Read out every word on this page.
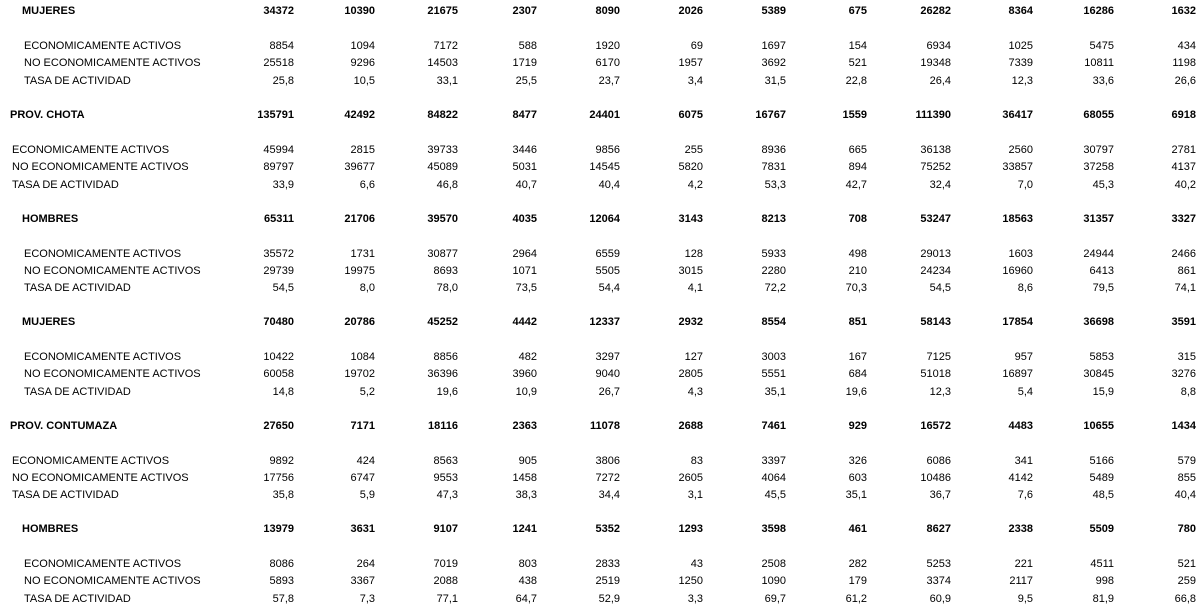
MUJERES	34372	10390	21675	2307	8090	2026	5389	675	26282	8364	16286	1632
ECONOMICAMENTE ACTIVOS	8854	1094	7172	588	1920	69	1697	154	6934	1025	5475	434
NO ECONOMICAMENTE ACTIVOS	25518	9296	14503	1719	6170	1957	3692	521	19348	7339	10811	1198
TASA DE ACTIVIDAD	25,8	10,5	33,1	25,5	23,7	3,4	31,5	22,8	26,4	12,3	33,6	26,6
PROV. CHOTA	135791	42492	84822	8477	24401	6075	16767	1559	111390	36417	68055	6918
ECONOMICAMENTE ACTIVOS	45994	2815	39733	3446	9856	255	8936	665	36138	2560	30797	2781
NO ECONOMICAMENTE ACTIVOS	89797	39677	45089	5031	14545	5820	7831	894	75252	33857	37258	4137
TASA DE ACTIVIDAD	33,9	6,6	46,8	40,7	40,4	4,2	53,3	42,7	32,4	7,0	45,3	40,2
HOMBRES	65311	21706	39570	4035	12064	3143	8213	708	53247	18563	31357	3327
ECONOMICAMENTE ACTIVOS	35572	1731	30877	2964	6559	128	5933	498	29013	1603	24944	2466
NO ECONOMICAMENTE ACTIVOS	29739	19975	8693	1071	5505	3015	2280	210	24234	16960	6413	861
TASA DE ACTIVIDAD	54,5	8,0	78,0	73,5	54,4	4,1	72,2	70,3	54,5	8,6	79,5	74,1
MUJERES	70480	20786	45252	4442	12337	2932	8554	851	58143	17854	36698	3591
ECONOMICAMENTE ACTIVOS	10422	1084	8856	482	3297	127	3003	167	7125	957	5853	315
NO ECONOMICAMENTE ACTIVOS	60058	19702	36396	3960	9040	2805	5551	684	51018	16897	30845	3276
TASA DE ACTIVIDAD	14,8	5,2	19,6	10,9	26,7	4,3	35,1	19,6	12,3	5,4	15,9	8,8
PROV. CONTUMAZA	27650	7171	18116	2363	11078	2688	7461	929	16572	4483	10655	1434
ECONOMICAMENTE ACTIVOS	9892	424	8563	905	3806	83	3397	326	6086	341	5166	579
NO ECONOMICAMENTE ACTIVOS	17756	6747	9553	1458	7272	2605	4064	603	10486	4142	5489	855
TASA DE ACTIVIDAD	35,8	5,9	47,3	38,3	34,4	3,1	45,5	35,1	36,7	7,6	48,5	40,4
HOMBRES	13979	3631	9107	1241	5352	1293	3598	461	8627	2338	5509	780
ECONOMICAMENTE ACTIVOS	8086	264	7019	803	2833	43	2508	282	5253	221	4511	521
NO ECONOMICAMENTE ACTIVOS	5893	3367	2088	438	2519	1250	1090	179	3374	2117	998	259
TASA DE ACTIVIDAD	57,8	7,3	77,1	64,7	52,9	3,3	69,7	61,2	60,9	9,5	81,9	66,8
